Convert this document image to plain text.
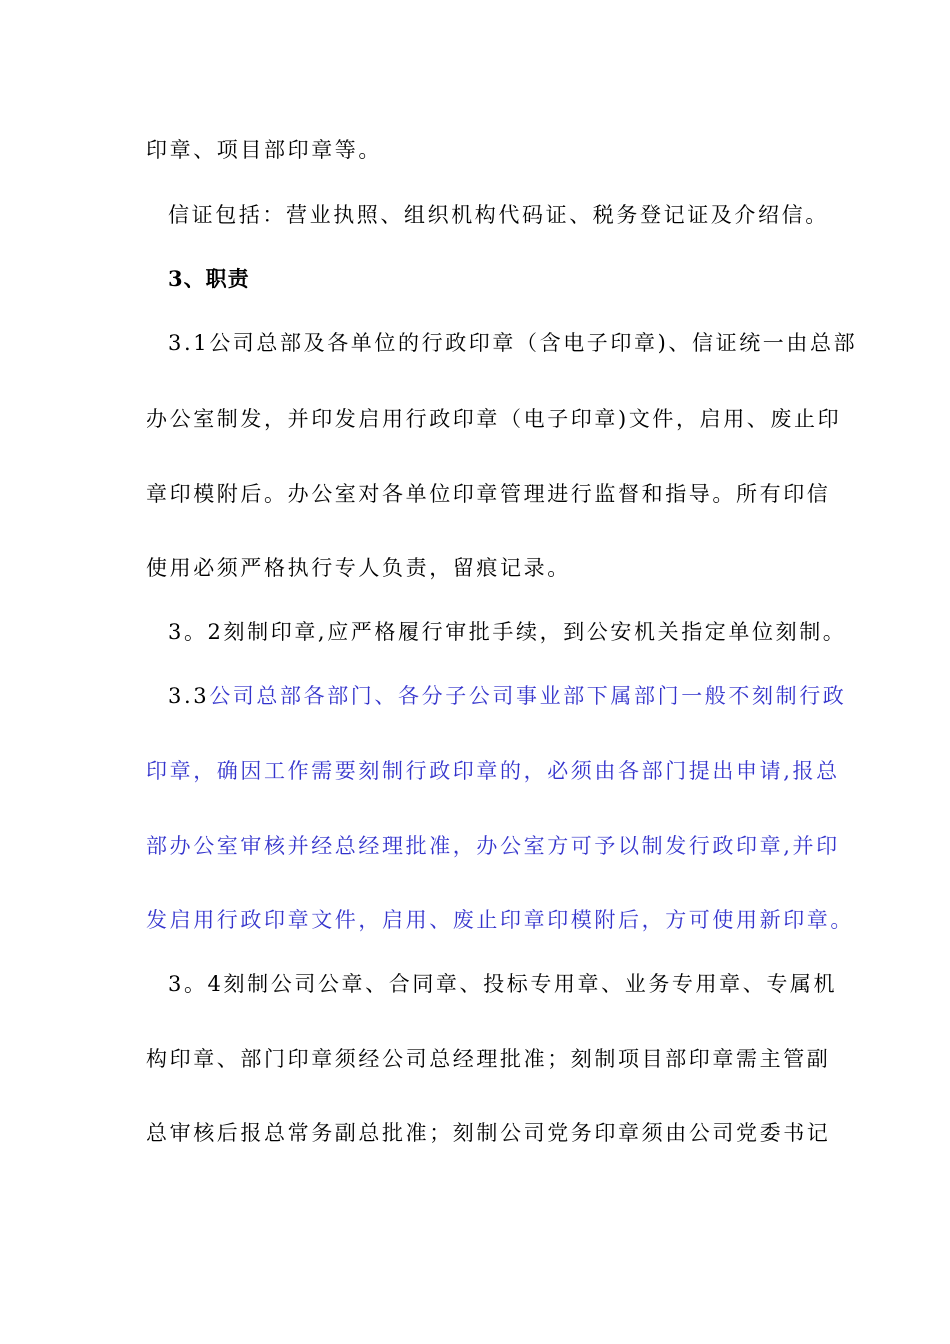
印章、项目部印章等。
信证包括：营业执照、组织机构代码证、税务登记证及介绍信。
3、职责
3.1公司总部及各单位的行政印章（含电子印章)、信证统一由总部
办公室制发，并印发启用行政印章（电子印章)文件，启用、废止印
章印模附后。办公室对各单位印章管理进行监督和指导。所有印信
使用必须严格执行专人负责，留痕记录。
3。2刻制印章,应严格履行审批手续，到公安机关指定单位刻制。
3.3公司总部各部门、各分子公司事业部下属部门一般不刻制行政
印章，确因工作需要刻制行政印章的，必须由各部门提出申请,报总
部办公室审核并经总经理批准，办公室方可予以制发行政印章,并印
发启用行政印章文件，启用、废止印章印模附后，方可使用新印章。
3。4刻制公司公章、合同章、投标专用章、业务专用章、专属机
构印章、部门印章须经公司总经理批准；刻制项目部印章需主管副
总审核后报总常务副总批准；刻制公司党务印章须由公司党委书记
